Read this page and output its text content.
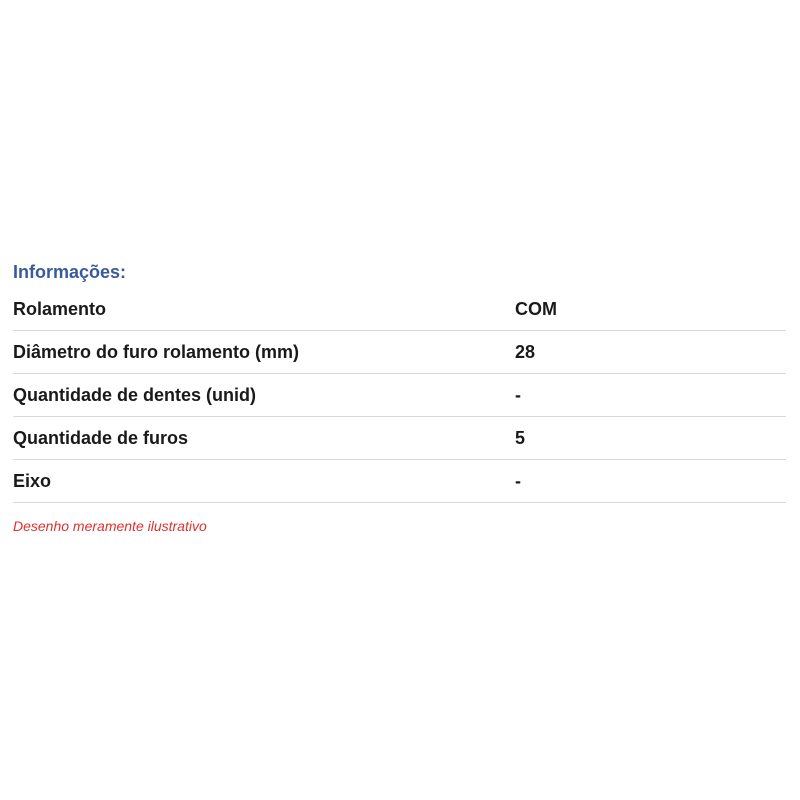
Informações:
Rolamento	COM
Diâmetro do furo rolamento (mm)	28
Quantidade de dentes (unid)	-
Quantidade de furos	5
Eixo	-
Desenho meramente ilustrativo
